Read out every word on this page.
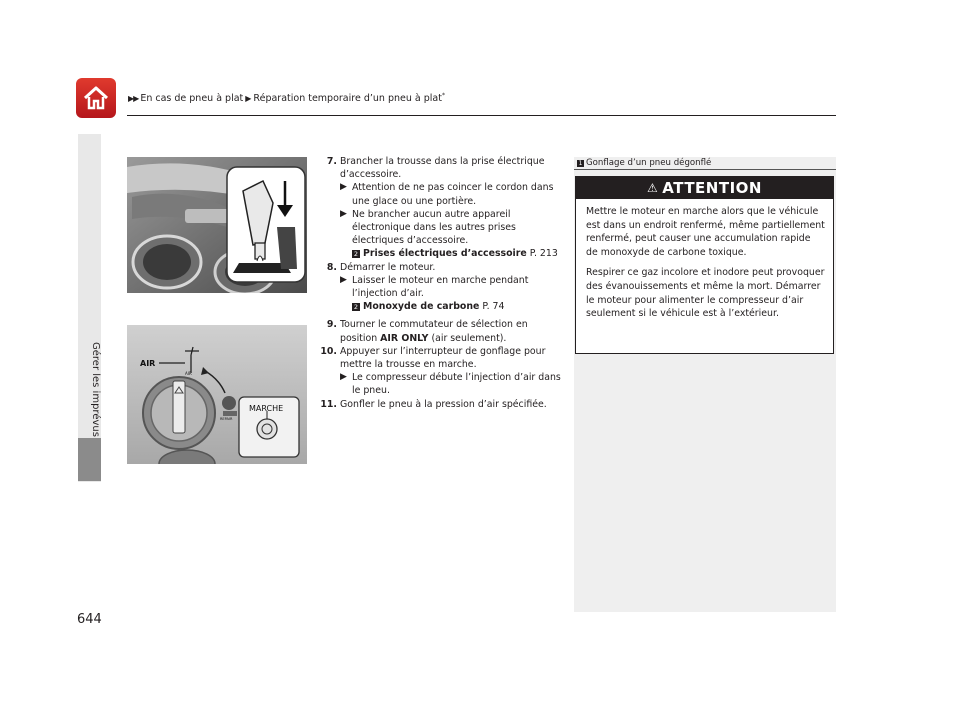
▶▶ En cas de pneu à plat ▶ Réparation temporaire d’un pneu à plat*
644
AIR
AIR
REPAIR
MARCHE
7. Brancher la trousse dans la prise électrique d’accessoire.
▶ Attention de ne pas coincer le cordon dans une glace ou une portière.
▶ Ne brancher aucun autre appareil électronique dans les autres prises électriques d’accessoire.
2 Prises électriques d’accessoire P. 213
8. Démarrer le moteur.
▶ Laisser le moteur en marche pendant l’injection d’air.
2 Monoxyde de carbone P. 74
9. Tourner le commutateur de sélection en position AIR ONLY (air seulement).
10. Appuyer sur l’interrupteur de gonflage pour mettre la trousse en marche.
▶ Le compresseur débute l’injection d’air dans le pneu.
11. Gonfler le pneu à la pression d’air spécifiée.
1 Gonflage d’un pneu dégonflé
⚠ ATTENTION

Mettre le moteur en marche alors que le véhicule est dans un endroit renfermé, même partiellement renfermé, peut causer une accumulation rapide de monoxyde de carbone toxique.

Respirer ce gaz incolore et inodore peut provoquer des évanouissements et même la mort. Démarrer le moteur pour alimenter le compresseur d’air seulement si le véhicule est à l’extérieur.
